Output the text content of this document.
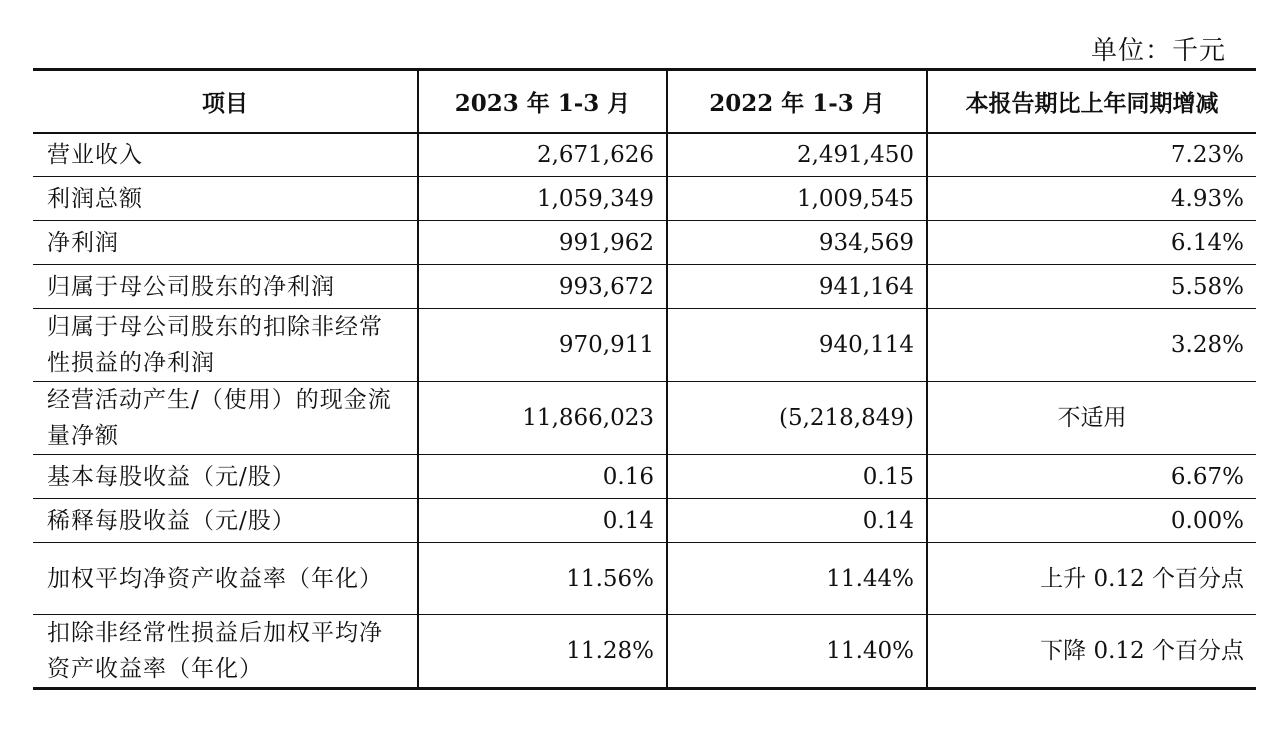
单位：千元
项目	2023 年 1-3 月	2022 年 1-3 月	本报告期比上年同期增减
营业收入	2,671,626	2,491,450	7.23%
利润总额	1,059,349	1,009,545	4.93%
净利润	991,962	934,569	6.14%
归属于母公司股东的净利润	993,672	941,164	5.58%
归属于母公司股东的扣除非经常性损益的净利润	970,911	940,114	3.28%
经营活动产生/（使用）的现金流量净额	11,866,023	(5,218,849)	不适用
基本每股收益（元/股）	0.16	0.15	6.67%
稀释每股收益（元/股）	0.14	0.14	0.00%
加权平均净资产收益率（年化）	11.56%	11.44%	上升 0.12 个百分点
扣除非经常性损益后加权平均净资产收益率（年化）	11.28%	11.40%	下降 0.12 个百分点
